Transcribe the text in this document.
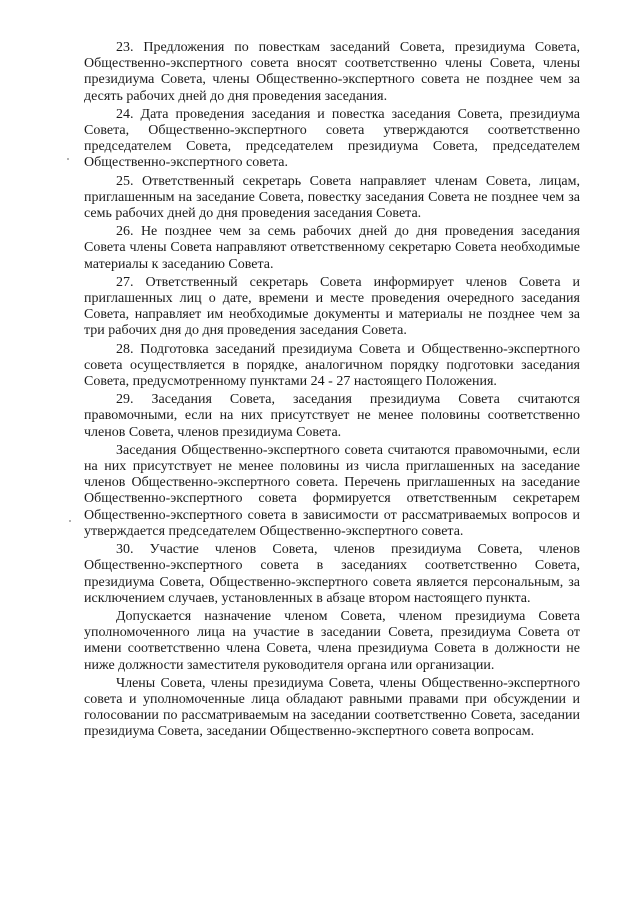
23. Предложения по повесткам заседаний Совета, президиума Совета, Общественно-экспертного совета вносят соответственно члены Совета, члены президиума Совета, члены Общественно-экспертного совета не позднее чем за десять рабочих дней до дня проведения заседания.

24. Дата проведения заседания и повестка заседания Совета, президиума Совета, Общественно-экспертного совета утверждаются соответственно председателем Совета, председателем президиума Совета, председателем Общественно-экспертного совета.

25. Ответственный секретарь Совета направляет членам Совета, лицам, приглашенным на заседание Совета, повестку заседания Совета не позднее чем за семь рабочих дней до дня проведения заседания Совета.

26. Не позднее чем за семь рабочих дней до дня проведения заседания Совета члены Совета направляют ответственному секретарю Совета необходимые материалы к заседанию Совета.

27. Ответственный секретарь Совета информирует членов Совета и приглашенных лиц о дате, времени и месте проведения очередного заседания Совета, направляет им необходимые документы и материалы не позднее чем за три рабочих дня до дня проведения заседания Совета.

28. Подготовка заседаний президиума Совета и Общественно-экспертного совета осуществляется в порядке, аналогичном порядку подготовки заседания Совета, предусмотренному пунктами 24 - 27 настоящего Положения.

29. Заседания Совета, заседания президиума Совета считаются правомочными, если на них присутствует не менее половины соответственно членов Совета, членов президиума Совета.

Заседания Общественно-экспертного совета считаются правомочными, если на них присутствует не менее половины из числа приглашенных на заседание членов Общественно-экспертного совета. Перечень приглашенных на заседание Общественно-экспертного совета формируется ответственным секретарем Общественно-экспертного совета в зависимости от рассматриваемых вопросов и утверждается председателем Общественно-экспертного совета.

30. Участие членов Совета, членов президиума Совета, членов Общественно-экспертного совета в заседаниях соответственно Совета, президиума Совета, Общественно-экспертного совета является персональным, за исключением случаев, установленных в абзаце втором настоящего пункта.

Допускается назначение членом Совета, членом президиума Совета уполномоченного лица на участие в заседании Совета, президиума Совета от имени соответственно члена Совета, члена президиума Совета в должности не ниже должности заместителя руководителя органа или организации.

Члены Совета, члены президиума Совета, члены Общественно-экспертного совета и уполномоченные лица обладают равными правами при обсуждении и голосовании по рассматриваемым на заседании соответственно Совета, заседании президиума Совета, заседании Общественно-экспертного совета вопросам.
